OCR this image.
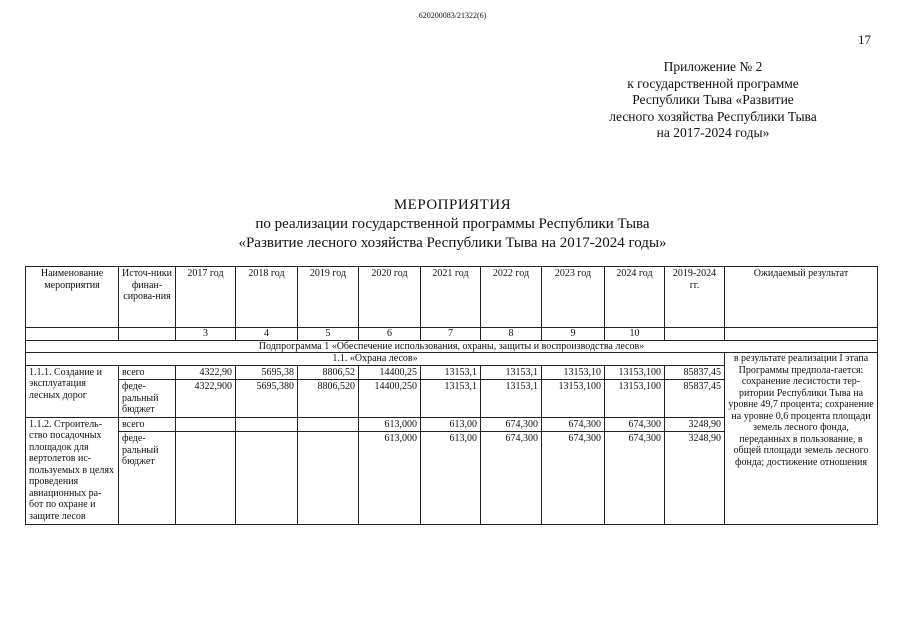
620200083/21322(6)
17
Приложение № 2
к государственной программе
Республики Тыва «Развитие
лесного хозяйства Республики Тыва
на 2017-2024 годы»
МЕРОПРИЯТИЯ
по реализации государственной программы Республики Тыва
«Развитие лесного хозяйства Республики Тыва на 2017-2024 годы»
Наименование мероприятия	Источ-ники финан-сирова-ния	2017 год	2018 год	2019 год	2020 год	2021 год	2022 год	2023 год	2024 год	2019-2024 гг.	Ожидаемый результат
		3	4	5	6	7	8	9	10		
Подпрограмма 1 «Обеспечение использования, охраны, защиты и воспроизводства лесов»											
1.1. «Охрана лесов»											в результате реализации I этапа Программы предпола-гается: сохранение лесистости тер-ритории Республики Тыва на уровне 49,7 процента; сохранение на уровне 0,6 процента площади земель лесного фонда, переданных в пользование, в общей площади земель лесного фонда; достижение отношения
1.1.1. Создание и эксплуатация лесных дорог	всего	4322,90	5695,38	8806,52	14400,25	13153,1	13153,1	13153,10	13153,100	85837,45	
	феде-ральный бюджет	4322,900	5695,380	8806,520	14400,250	13153,1	13153,1	13153,100	13153,100	85837,45	
1.1.2. Строитель-ство посадочных площадок для вертолетов ис-пользуемых в целях проведения авиационных ра-бот по охране и защите лесов	всего				613,000	613,00	674,300	674,300	674,300	3248,90	
	феде-ральный бюджет				613,000	613,00	674,300	674,300	674,300	3248,90	
